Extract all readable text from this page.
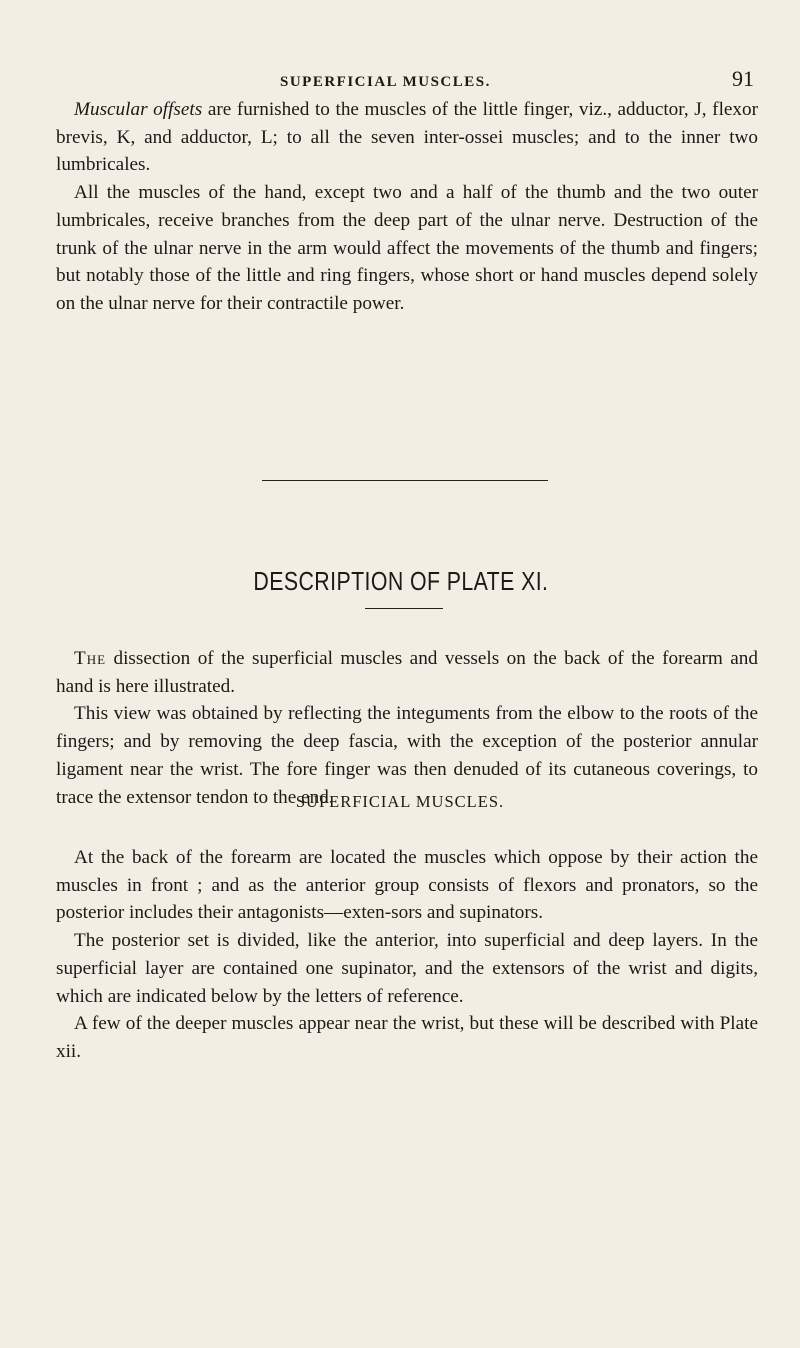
SUPERFICIAL MUSCLES.	91

Muscular offsets are furnished to the muscles of the little finger, viz., adductor, J, flexor brevis, K, and adductor, L; to all the seven inter-ossei muscles; and to the inner two lumbricales.

All the muscles of the hand, except two and a half of the thumb and the two outer lumbricales, receive branches from the deep part of the ulnar nerve. Destruction of the trunk of the ulnar nerve in the arm would affect the movements of the thumb and fingers; but notably those of the little and ring fingers, whose short or hand muscles depend solely on the ulnar nerve for their contractile power.

DESCRIPTION OF PLATE XI.

The dissection of the superficial muscles and vessels on the back of the forearm and hand is here illustrated.

This view was obtained by reflecting the integuments from the elbow to the roots of the fingers; and by removing the deep fascia, with the exception of the posterior annular ligament near the wrist. The fore finger was then denuded of its cutaneous coverings, to trace the extensor tendon to the end.

SUPERFICIAL MUSCLES.

At the back of the forearm are located the muscles which oppose by their action the muscles in front ; and as the anterior group consists of flexors and pronators, so the posterior includes their antagonists—exten-sors and supinators.

The posterior set is divided, like the anterior, into superficial and deep layers. In the superficial layer are contained one supinator, and the extensors of the wrist and digits, which are indicated below by the letters of reference.

A few of the deeper muscles appear near the wrist, but these will be described with Plate xii.
